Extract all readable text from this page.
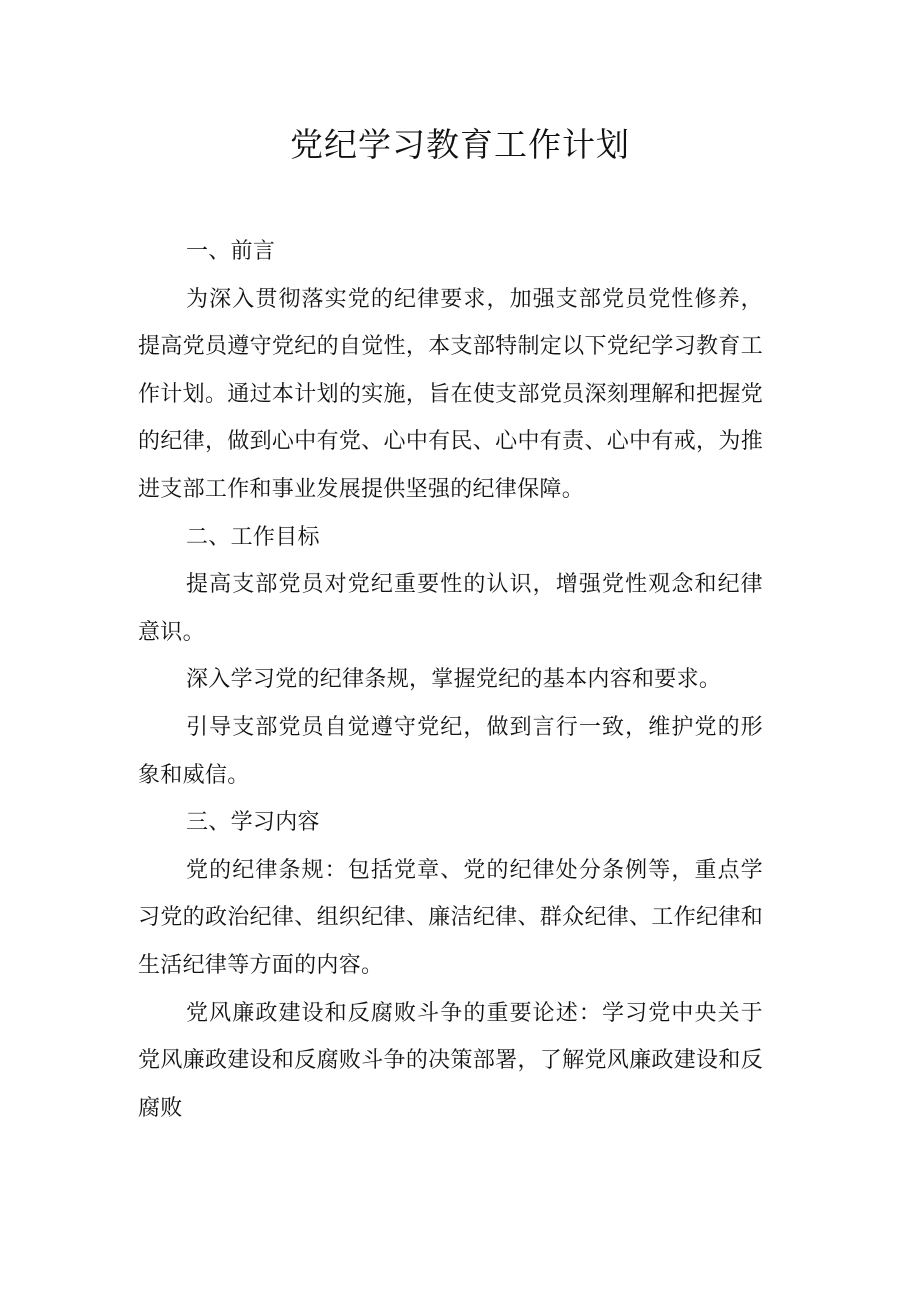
党纪学习教育工作计划

一、前言

为深入贯彻落实党的纪律要求，加强支部党员党性修养，提高党员遵守党纪的自觉性，本支部特制定以下党纪学习教育工作计划。通过本计划的实施，旨在使支部党员深刻理解和把握党的纪律，做到心中有党、心中有民、心中有责、心中有戒，为推进支部工作和事业发展提供坚强的纪律保障。

二、工作目标

提高支部党员对党纪重要性的认识，增强党性观念和纪律意识。

深入学习党的纪律条规，掌握党纪的基本内容和要求。

引导支部党员自觉遵守党纪，做到言行一致，维护党的形象和威信。

三、学习内容

党的纪律条规：包括党章、党的纪律处分条例等，重点学习党的政治纪律、组织纪律、廉洁纪律、群众纪律、工作纪律和生活纪律等方面的内容。

党风廉政建设和反腐败斗争的重要论述：学习党中央关于党风廉政建设和反腐败斗争的决策部署，了解党风廉政建设和反腐败
